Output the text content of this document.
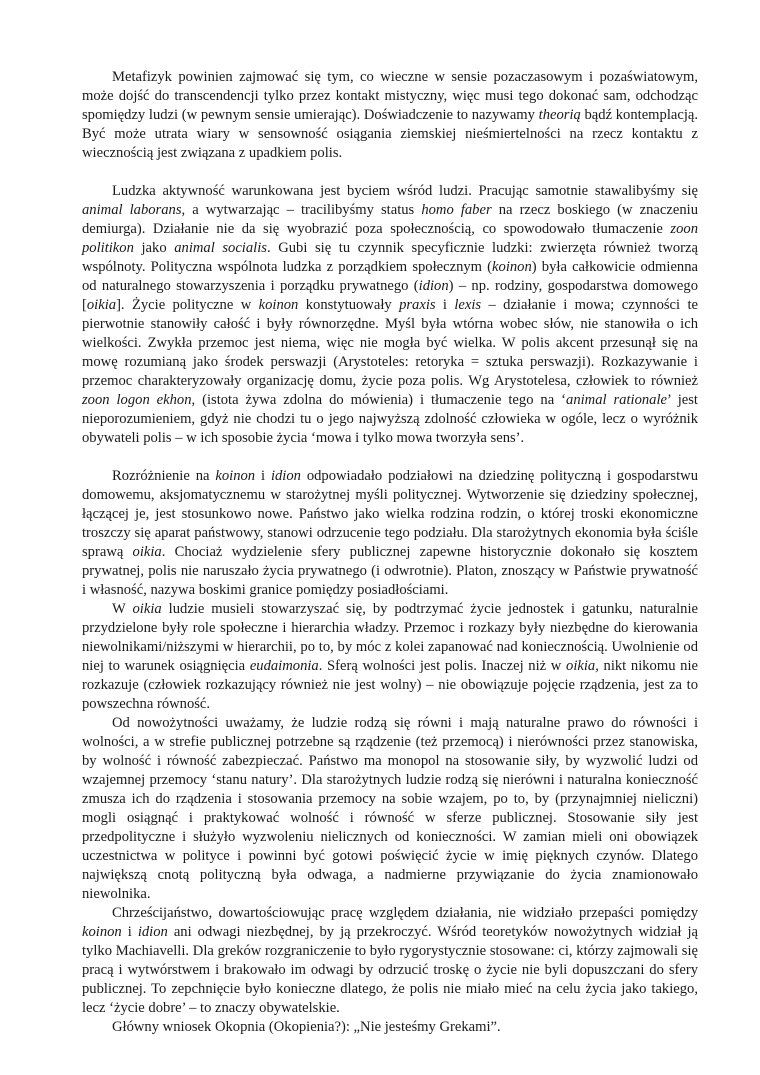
Metafizyk powinien zajmować się tym, co wieczne w sensie pozaczasowym i pozaświatowym, może dojść do transcendencji tylko przez kontakt mistyczny, więc musi tego dokonać sam, odchodząc spomiędzy ludzi (w pewnym sensie umierając). Doświadczenie to nazywamy theorią bądź kontemplacją. Być może utrata wiary w sensowność osiągania ziemskiej nieśmiertelności na rzecz kontaktu z wiecznością jest związana z upadkiem polis.

Ludzka aktywność warunkowana jest byciem wśród ludzi. Pracując samotnie stawalibyśmy się animal laborans, a wytwarzając – tracilibyśmy status homo faber na rzecz boskiego (w znaczeniu demiurga). Działanie nie da się wyobrazić poza społecznością, co spowodowało tłumaczenie zoon politikon jako animal socialis. Gubi się tu czynnik specyficznie ludzki: zwierzęta również tworzą wspólnoty. Polityczna wspólnota ludzka z porządkiem społecznym (koinon) była całkowicie odmienna od naturalnego stowarzyszenia i porządku prywatnego (idion) – np. rodziny, gospodarstwa domowego [oikia]. Życie polityczne w koinon konstytuowały praxis i lexis – działanie i mowa; czynności te pierwotnie stanowiły całość i były równorzędne. Myśl była wtórna wobec słów, nie stanowiła o ich wielkości. Zwykła przemoc jest niema, więc nie mogła być wielka. W polis akcent przesunął się na mowę rozumianą jako środek perswazji (Arystoteles: retoryka = sztuka perswazji). Rozkazywanie i przemoc charakteryzowały organizację domu, życie poza polis. Wg Arystotelesa, człowiek to również zoon logon ekhon, (istota żywa zdolna do mówienia) i tłumaczenie tego na ‘animal rationale’ jest nieporozumieniem, gdyż nie chodzi tu o jego najwyższą zdolność człowieka w ogóle, lecz o wyróżnik obywateli polis – w ich sposobie życia ‘mowa i tylko mowa tworzyła sens’.

Rozróżnienie na koinon i idion odpowiadało podziałowi na dziedzinę polityczną i gospodarstwu domowemu, aksjomatycznemu w starożytnej myśli politycznej. Wytworzenie się dziedziny społecznej, łączącej je, jest stosunkowo nowe. Państwo jako wielka rodzina rodzin, o której troski ekonomiczne troszczy się aparat państwowy, stanowi odrzucenie tego podziału. Dla starożytnych ekonomia była ściśle sprawą oikia. Chociaż wydzielenie sfery publicznej zapewne historycznie dokonało się kosztem prywatnej, polis nie naruszało życia prywatnego (i odwrotnie). Platon, znoszący w Państwie prywatność i własność, nazywa boskimi granice pomiędzy posiadłościami.

W oikia ludzie musieli stowarzyszać się, by podtrzymać życie jednostek i gatunku, naturalnie przydzielone były role społeczne i hierarchia władzy. Przemoc i rozkazy były niezbędne do kierowania niewolnikami/niższymi w hierarchii, po to, by móc z kolei zapanować nad koniecznością. Uwolnienie od niej to warunek osiągnięcia eudaimonia. Sferą wolności jest polis. Inaczej niż w oikia, nikt nikomu nie rozkazuje (człowiek rozkazujący również nie jest wolny) – nie obowiązuje pojęcie rządzenia, jest za to powszechna równość.

Od nowożytności uważamy, że ludzie rodzą się równi i mają naturalne prawo do równości i wolności, a w strefie publicznej potrzebne są rządzenie (też przemocą) i nierówności przez stanowiska, by wolność i równość zabezpieczać. Państwo ma monopol na stosowanie siły, by wyzwolić ludzi od wzajemnej przemocy ‘stanu natury’. Dla starożytnych ludzie rodzą się nierówni i naturalna konieczność zmusza ich do rządzenia i stosowania przemocy na sobie wzajem, po to, by (przynajmniej nieliczni) mogli osiągnąć i praktykować wolność i równość w sferze publicznej. Stosowanie siły jest przedpolityczne i służyło wyzwoleniu nielicznych od konieczności. W zamian mieli oni obowiązek uczestnictwa w polityce i powinni być gotowi poświęcić życie w imię pięknych czynów. Dlatego największą cnotą polityczną była odwaga, a nadmierne przywiązanie do życia znamionowało niewolnika.

Chrześcijaństwo, dowartościowując pracę względem działania, nie widziało przepaści pomiędzy koinon i idion ani odwagi niezbędnej, by ją przekroczyć. Wśród teoretyków nowożytnych widział ją tylko Machiavelli. Dla greków rozgraniczenie to było rygorystycznie stosowane: ci, którzy zajmowali się pracą i wytwórstwem i brakowało im odwagi by odrzucić troskę o życie nie byli dopuszczani do sfery publicznej. To zepchnięcie było konieczne dlatego, że polis nie miało mieć na celu życia jako takiego, lecz ‘życie dobre’ – to znaczy obywatelskie.

Główny wniosek Okopnia (Okopienia?): „Nie jesteśmy Grekami”.
